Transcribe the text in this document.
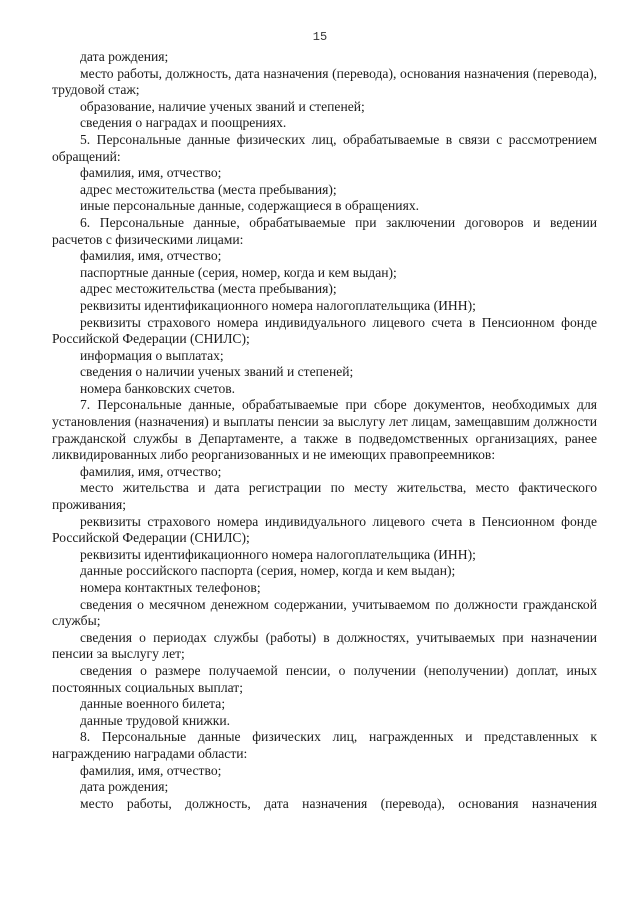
15

дата рождения;

место работы, должность, дата назначения (перевода), основания назначения (перевода), трудовой стаж;

образование, наличие ученых званий и степеней;

сведения о наградах и поощрениях.

5. Персональные данные физических лиц, обрабатываемые в связи с рассмотрением обращений:

фамилия, имя, отчество;

адрес местожительства (места пребывания);

иные персональные данные, содержащиеся в обращениях.

6. Персональные данные, обрабатываемые при заключении договоров и ведении расчетов с физическими лицами:

фамилия, имя, отчество;

паспортные данные (серия, номер, когда и кем выдан);

адрес местожительства (места пребывания);

реквизиты идентификационного номера налогоплательщика (ИНН);

реквизиты страхового номера индивидуального лицевого счета в Пенсионном фонде Российской Федерации (СНИЛС);

информация о выплатах;

сведения о наличии ученых званий и степеней;

номера банковских счетов.

7. Персональные данные, обрабатываемые при сборе документов, необходимых для установления (назначения) и выплаты пенсии за выслугу лет лицам, замещавшим должности гражданской службы в Департаменте, а также в подведомственных организациях, ранее ликвидированных либо реорганизованных и не имеющих правопреемников:

фамилия, имя, отчество;

место жительства и дата регистрации по месту жительства, место фактического проживания;

реквизиты страхового номера индивидуального лицевого счета в Пенсионном фонде Российской Федерации (СНИЛС);

реквизиты идентификационного номера налогоплательщика (ИНН);

данные российского паспорта (серия, номер, когда и кем выдан);

номера контактных телефонов;

сведения о месячном денежном содержании, учитываемом по должности гражданской службы;

сведения о периодах службы (работы) в должностях, учитываемых при назначении пенсии за выслугу лет;

сведения о размере получаемой пенсии, о получении (неполучении) доплат, иных постоянных социальных выплат;

данные военного билета;

данные трудовой книжки.

8. Персональные данные физических лиц, награжденных и представленных к награждению наградами области:

фамилия, имя, отчество;

дата рождения;

место работы, должность, дата назначения (перевода), основания назначения
